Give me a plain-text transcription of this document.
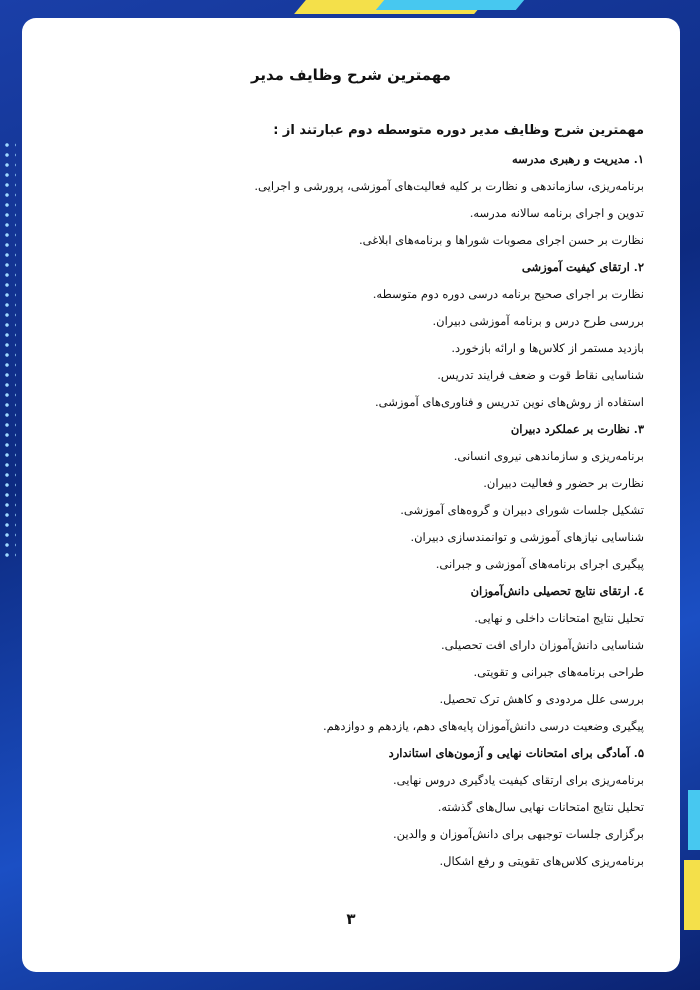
مهمترین شرح وظایف مدیر

مهمترین شرح وظایف مدیر دوره متوسطه دوم عبارتند از :

۱. مدیریت و رهبری مدرسه
برنامه‌ریزی، سازماندهی و نظارت بر کلیه فعالیت‌های آموزشی، پرورشی و اجرایی.
تدوین و اجرای برنامه سالانه مدرسه.
نظارت بر حسن اجرای مصوبات شوراها و برنامه‌های ابلاغی.
۲. ارتقای کیفیت آموزشی
نظارت بر اجرای صحیح برنامه درسی دوره دوم متوسطه.
بررسی طرح درس و برنامه آموزشی دبیران.
بازدید مستمر از کلاس‌ها و ارائه بازخورد.
شناسایی نقاط قوت و ضعف فرایند تدریس.
استفاده از روش‌های نوین تدریس و فناوری‌های آموزشی.
۳. نظارت بر عملکرد دبیران
برنامه‌ریزی و سازماندهی نیروی انسانی.
نظارت بر حضور و فعالیت دبیران.
تشکیل جلسات شورای دبیران و گروه‌های آموزشی.
شناسایی نیازهای آموزشی و توانمندسازی دبیران.
پیگیری اجرای برنامه‌های آموزشی و جبرانی.
٤. ارتقای نتایج تحصیلی دانش‌آموزان
تحلیل نتایج امتحانات داخلی و نهایی.
شناسایی دانش‌آموزان دارای افت تحصیلی.
طراحی برنامه‌های جبرانی و تقویتی.
بررسی علل مردودی و کاهش ترک تحصیل.
پیگیری وضعیت درسی دانش‌آموزان پایه‌های دهم، یازدهم و دوازدهم.
۵. آمادگی برای امتحانات نهایی و آزمون‌های استاندارد
برنامه‌ریزی برای ارتقای کیفیت یادگیری دروس نهایی.
تحلیل نتایج امتحانات نهایی سال‌های گذشته.
برگزاری جلسات توجیهی برای دانش‌آموزان و والدین.
برنامه‌ریزی کلاس‌های تقویتی و رفع اشکال.
۳
